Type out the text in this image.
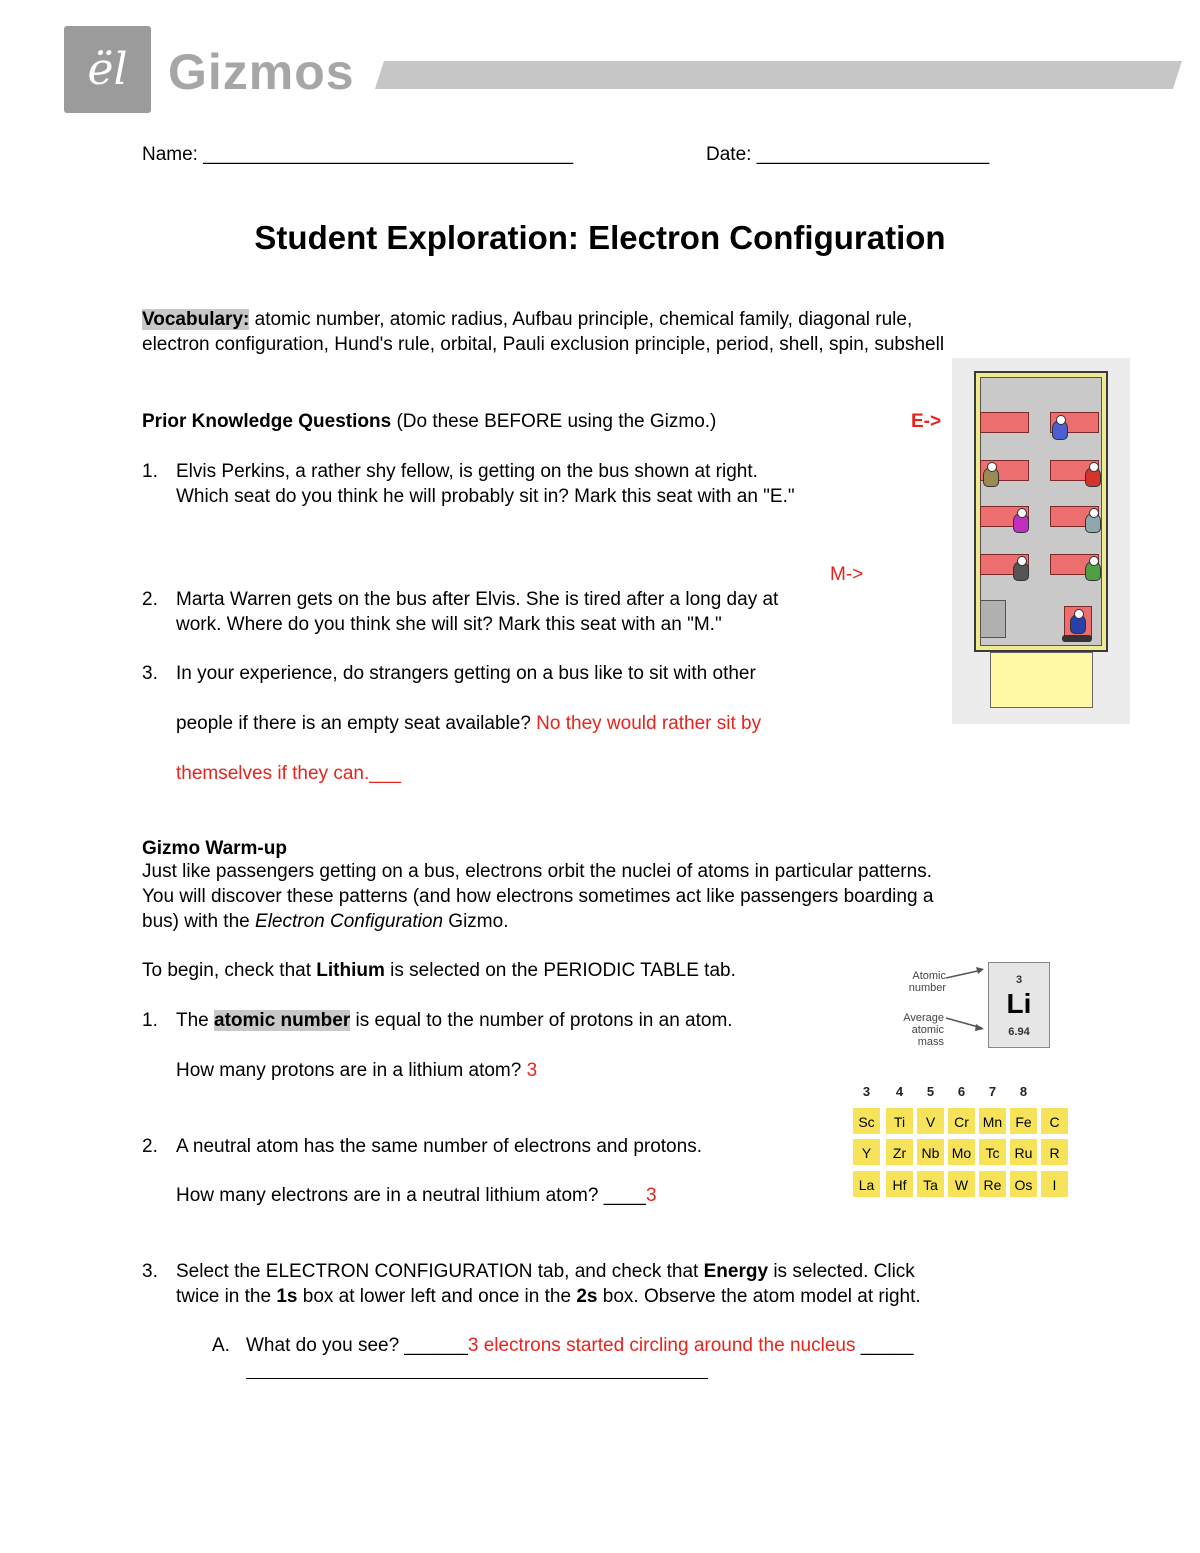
ël Gizmos
Name: ___________________________________	Date: ______________________
Student Exploration: Electron Configuration
Vocabulary: atomic number, atomic radius, Aufbau principle, chemical family, diagonal rule,
electron configuration, Hund's rule, orbital, Pauli exclusion principle, period, shell, spin, subshell
Prior Knowledge Questions (Do these BEFORE using the Gizmo.)	E->
1. Elvis Perkins, a rather shy fellow, is getting on the bus shown at right.
Which seat do you think he will probably sit in? Mark this seat with an "E."
M->
2. Marta Warren gets on the bus after Elvis. She is tired after a long day at
work. Where do you think she will sit? Mark this seat with an "M."
3. In your experience, do strangers getting on a bus like to sit with other
people if there is an empty seat available? No they would rather sit by
themselves if they can.___
Gizmo Warm-up
Just like passengers getting on a bus, electrons orbit the nuclei of atoms in particular patterns.
You will discover these patterns (and how electrons sometimes act like passengers boarding a
bus) with the Electron Configuration Gizmo.
To begin, check that Lithium is selected on the PERIODIC TABLE tab.
1. The atomic number is equal to the number of protons in an atom.
How many protons are in a lithium atom? 3
2. A neutral atom has the same number of electrons and protons.
How many electrons are in a neutral lithium atom? ____3
3. Select the ELECTRON CONFIGURATION tab, and check that Energy is selected. Click
twice in the 1s box at lower left and once in the 2s box. Observe the atom model at right.
A. What do you see? ______3 electrons started circling around the nucleus _____
Atomic
number
Average
atomic
mass
3
Li
6.94
3	4	5	6	7	8
Sc	Ti	V	Cr Mn Fe	C
Y	Zr	Nb Mo	Tc	Ru	R
La	Hf	Ta	W	Re Os	I
